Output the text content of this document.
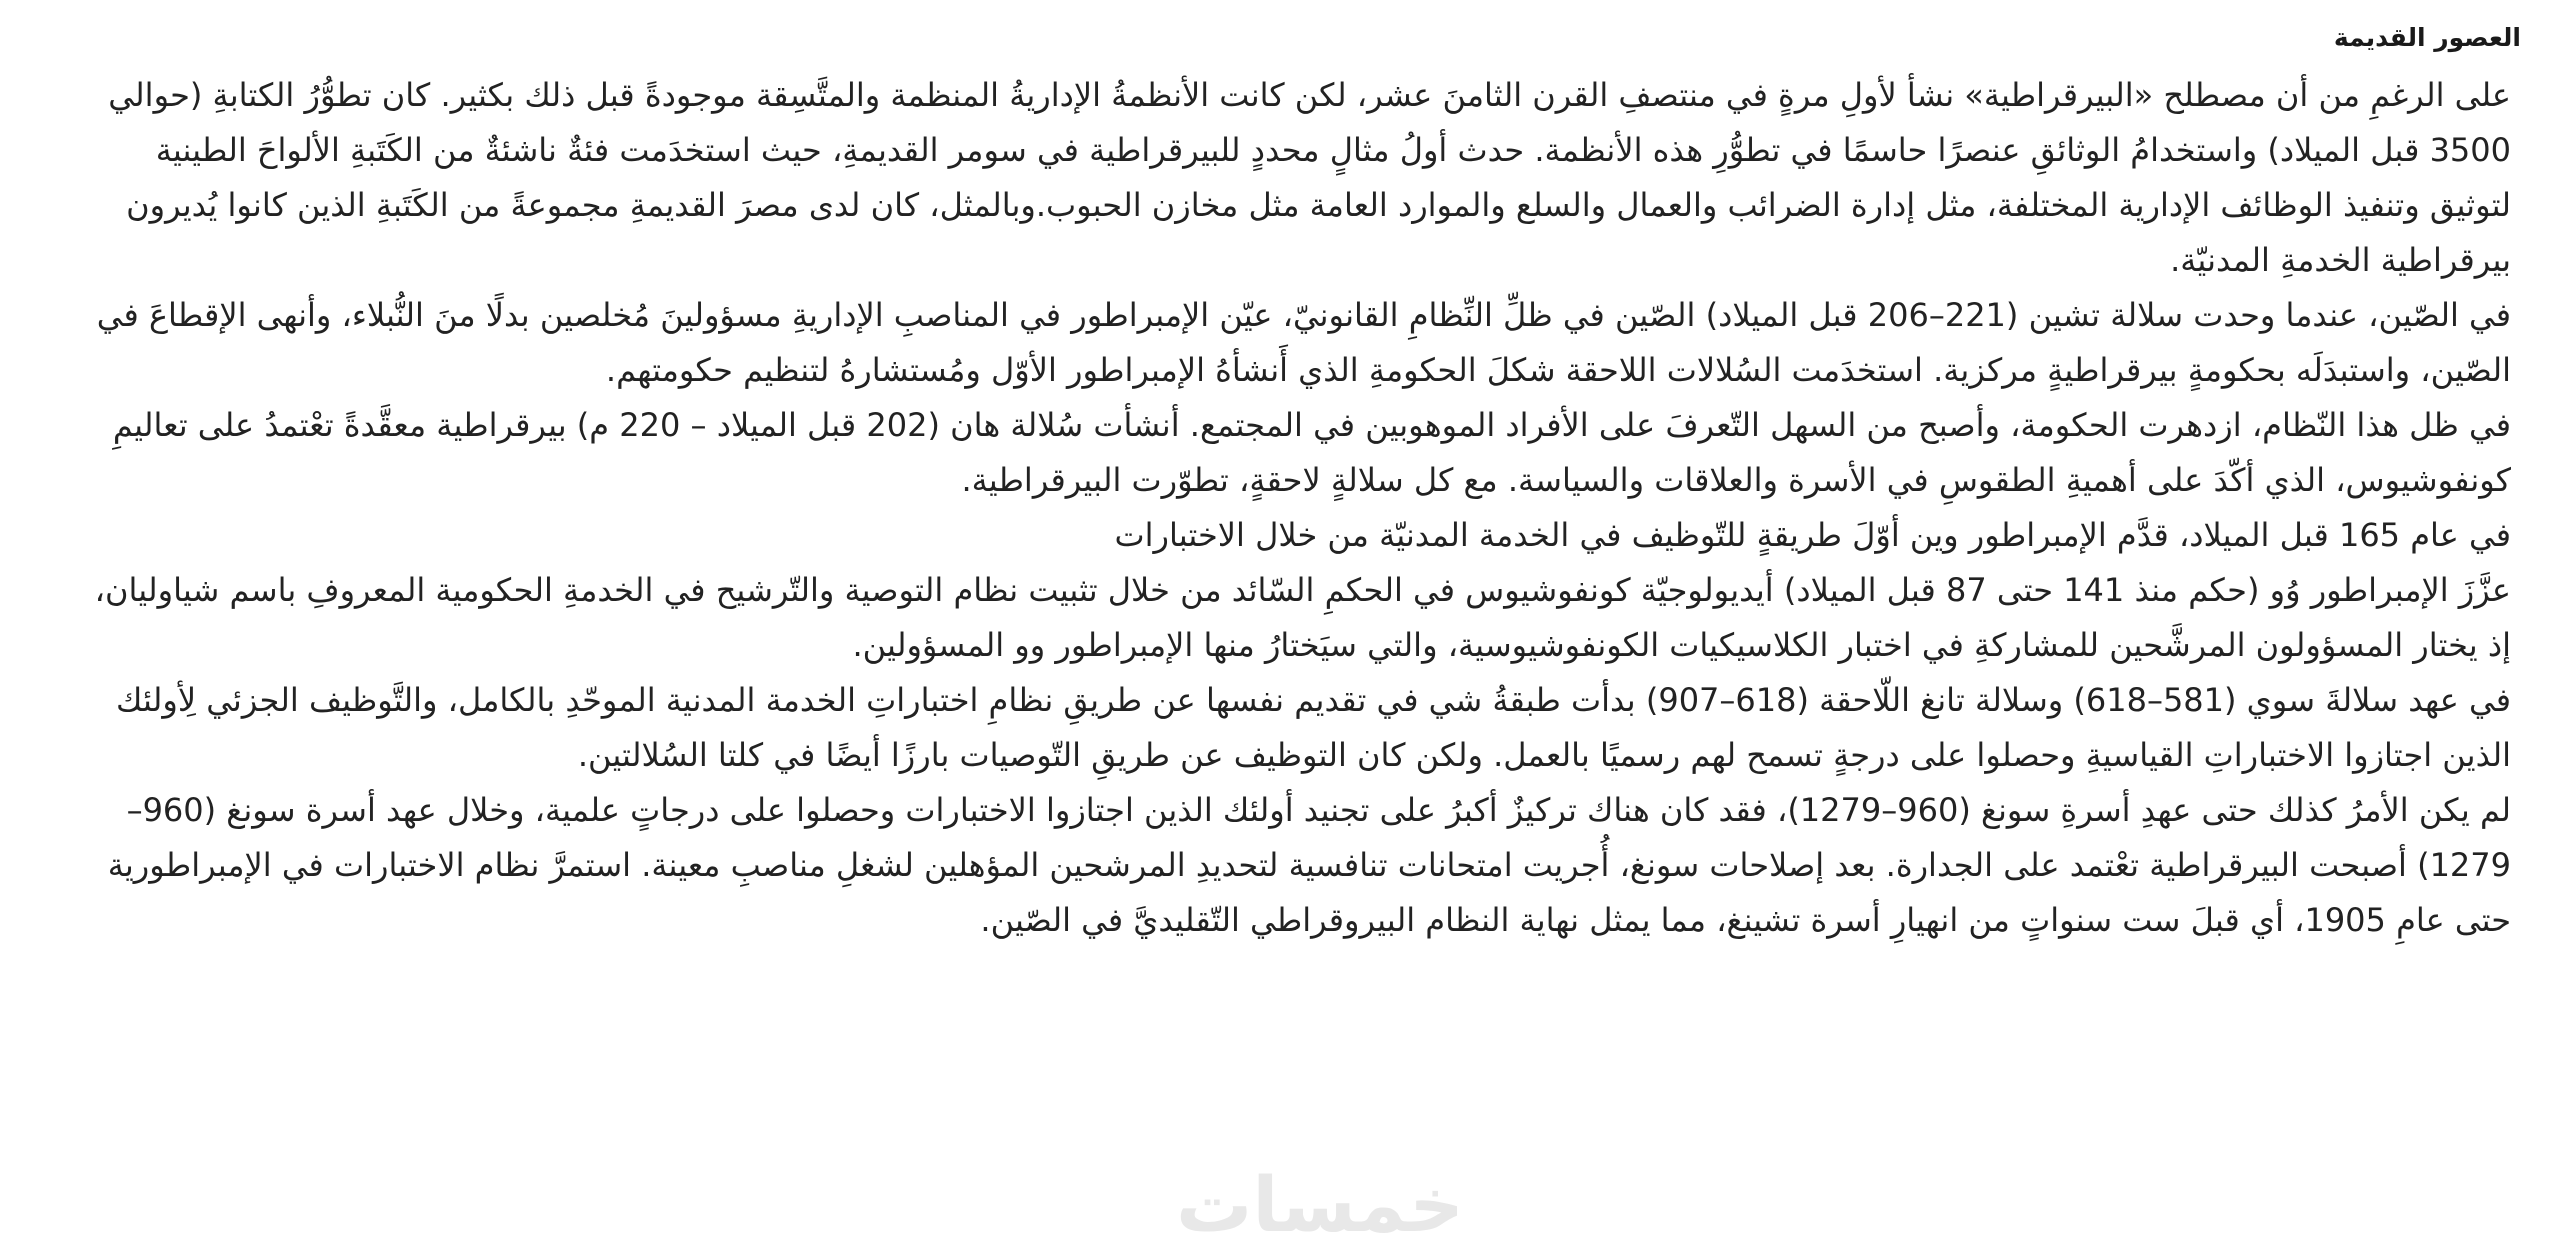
العصور القديمة
على الرغمِ من أن مصطلح «البيرقراطية» نشأ لأولِ مرةٍ في منتصفِ القرن الثامنَ عشر، لكن كانت الأنظمةُ الإداريةُ المنظمة والمتَّسِقة موجودةً قبل ذلك بكثير. كان تطوُّرُ الكتابةِ (حوالي 3500 قبل الميلاد) واستخدامُ الوثائقِ عنصرًا حاسمًا في تطوُّرِ هذه الأنظمة. حدث أولُ مثالٍ محددٍ للبيرقراطية في سومر القديمةِ، حيث استخدَمت فئةٌ ناشئةٌ من الكَتَبةِ الألواحَ الطينية لتوثيق وتنفيذ الوظائف الإدارية المختلفة، مثل إدارة الضرائب والعمال والسلع والموارد العامة مثل مخازن الحبوب.وبالمثل، كان لدى مصرَ القديمةِ مجموعةً من الكَتَبةِ الذين كانوا يُديرون بيرقراطية الخدمةِ المدنيّة.
في الصّين، عندما وحدت سلالة تشين (221–206 قبل الميلاد) الصّين في ظلِّ النِّظامِ القانونيّ، عيّن الإمبراطور في المناصبِ الإداريةِ مسؤولينَ مُخلصين بدلًا منَ النُّبلاء، وأنهى الإقطاعَ في الصّين، واستبدَلَه بحكومةٍ بيرقراطيةٍ مركزية. استخدَمت السُلالات اللاحقة شكلَ الحكومةِ الذي أَنشأهُ الإمبراطور الأوّل ومُستشارهُ لتنظيم حكومتهم.
في ظل هذا النّظام، ازدهرت الحكومة، وأصبح من السهل التّعرفَ على الأفراد الموهوبين في المجتمع. أنشأت سُلالة هان (202 قبل الميلاد – 220 م) بيرقراطية معقَّدةً تعْتمدُ على تعاليمِ كونفوشيوس، الذي أكّدَ على أهميةِ الطقوسِ في الأسرة والعلاقات والسياسة. مع كل سلالةٍ لاحقةٍ، تطوّرت البيرقراطية.
في عام 165 قبل الميلاد، قدَّم الإمبراطور وين أوّلَ طريقةٍ للتّوظيف في الخدمة المدنيّة من خلال الاختبارات
عزَّزَ الإمبراطور وُو (حكم منذ 141 حتى 87 قبل الميلاد) أيديولوجيّة كونفوشيوس في الحكمِ السّائد من خلال تثبيت نظام التوصية والتّرشيح في الخدمةِ الحكومية المعروفِ باسم شياوليان، إذ يختار المسؤولون المرشَّحين للمشاركةِ في اختبار الكلاسيكيات الكونفوشيوسية، والتي سيَختارُ منها الإمبراطور وو المسؤولين.
في عهد سلالةَ سوي (581–618) وسلالة تانغ اللّاحقة (618–907) بدأت طبقةُ شي في تقديم نفسها عن طريقِ نظامِ اختباراتِ الخدمة المدنية الموحّدِ بالكامل، والتَّوظيف الجزئي لِأولئك الذين اجتازوا الاختباراتِ القياسيةِ وحصلوا على درجةٍ تسمح لهم رسميًا بالعمل. ولكن كان التوظيف عن طريقِ التّوصيات بارزًا أيضًا في كلتا السُلالتين.
لم يكن الأمرُ كذلك حتى عهدِ أسرةِ سونغ (960–1279)، فقد كان هناك تركيزٌ أكبرُ على تجنيد أولئك الذين اجتازوا الاختبارات وحصلوا على درجاتٍ علمية، وخلال عهد أسرة سونغ (960–1279) أصبحت البيرقراطية تعْتمد على الجدارة. بعد إصلاحات سونغ، أُجريت امتحانات تنافسية لتحديدِ المرشحين المؤهلين لشغلِ مناصبِ معينة. استمرَّ نظام الاختبارات في الإمبراطورية حتى عامِ 1905، أي قبلَ ست سنواتٍ من انهيارِ أسرة تشينغ، مما يمثل نهاية النظام البيروقراطي التّقليديَّ في الصّين.
خمسات
